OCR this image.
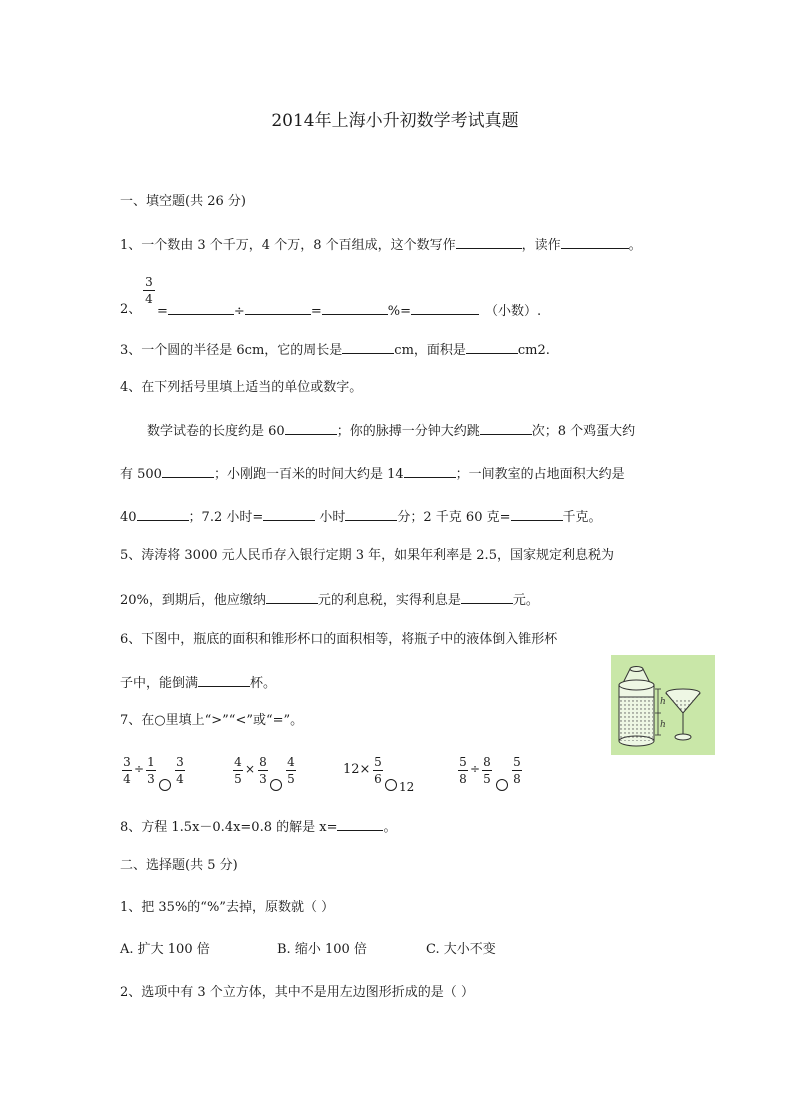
2014年上海小升初数学考试真题
一、填空题(共 26 分)
1、一个数由 3 个千万，4 个万，8 个百组成，这个数写作	，读作	。
2、
3
4
=	÷	=	%=	（小数）.
3、一个圆的半径是 6cm，它的周长是	cm，面积是	cm2.
4、在下列括号里填上适当的单位或数字。
数学试卷的长度约是 60	；你的脉搏一分钟大约跳	次；8 个鸡蛋大约
有 500	；小刚跑一百米的时间大约是 14	；一间教室的占地面积大约是
40	；7.2 小时=	小时	分；2 千克 60 克=	千克。
5、涛涛将 3000 元人民币存入银行定期 3 年，如果年利率是 2.5，国家规定利息税为
20%，到期后，他应缴纳	元的利息税，实得利息是	元。
6、下图中，瓶底的面积和锥形杯口的面积相等，将瓶子中的液体倒入锥形杯
子中，能倒满	杯。
h
h
7、在○里填上“>”“<”或“=”。
3
4
÷ 1
3
3
4
4
5
× 8
3
4
5
12× 5
6
12
5
8
÷ 8
5
5
8
8、方程 1.5x－0.4x=0.8 的解是 x=	。
二、选择题(共 5 分)
1、把 35%的“%”去掉，原数就（ ）
A. 扩大 100 倍	B. 缩小 100 倍	C. 大小不变
2、选项中有 3 个立方体，其中不是用左边图形折成的是（ ）
